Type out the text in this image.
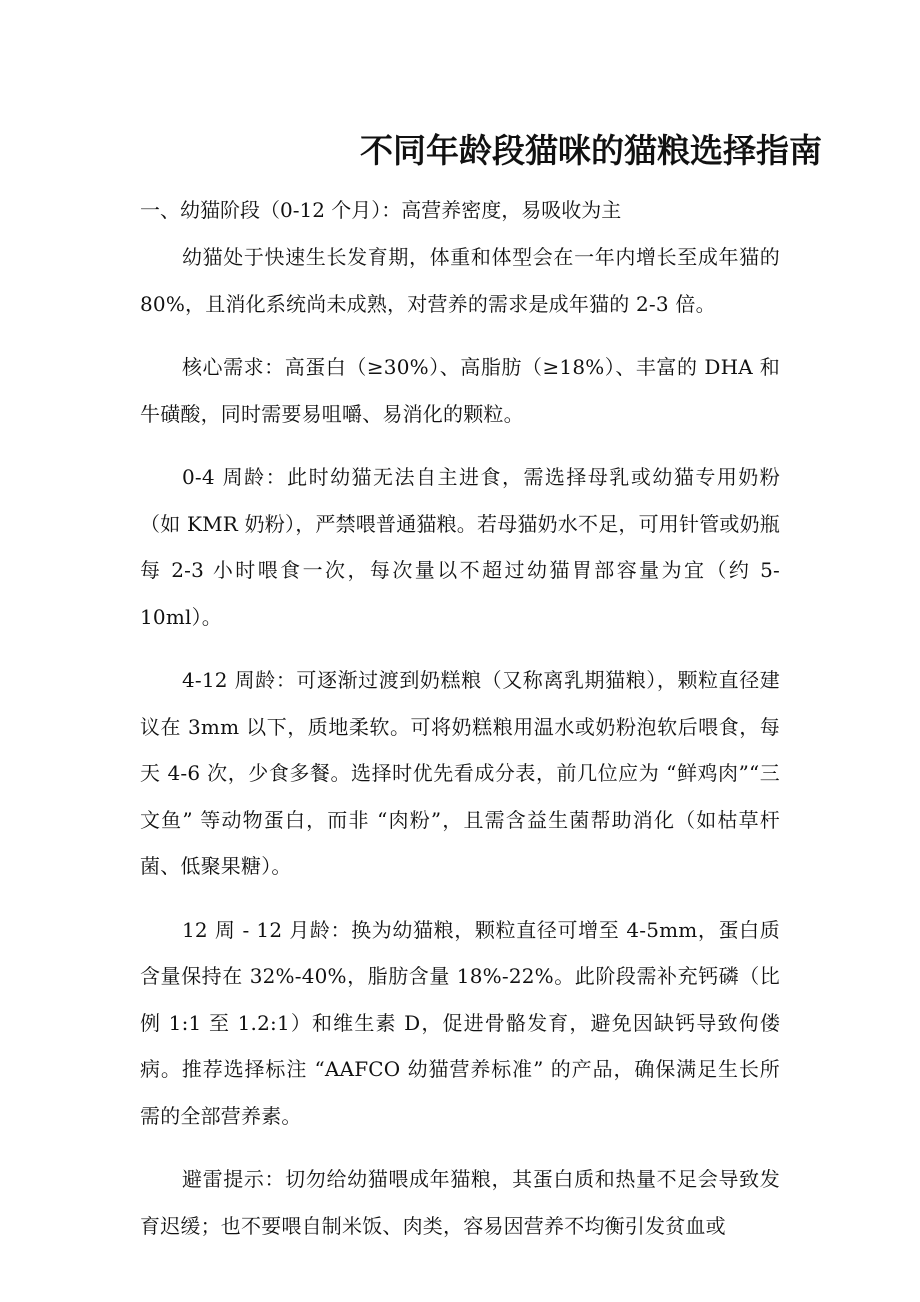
不同年龄段猫咪的猫粮选择指南

一、幼猫阶段（0-12 个月）：高营养密度，易吸收为主

幼猫处于快速生长发育期，体重和体型会在一年内增长至成年猫的 80%，且消化系统尚未成熟，对营养的需求是成年猫的 2-3 倍。

核心需求：高蛋白（≥30%）、高脂肪（≥18%）、丰富的 DHA 和牛磺酸，同时需要易咀嚼、易消化的颗粒。

0-4 周龄：此时幼猫无法自主进食，需选择母乳或幼猫专用奶粉（如 KMR 奶粉），严禁喂普通猫粮。若母猫奶水不足，可用针管或奶瓶每 2-3 小时喂食一次，每次量以不超过幼猫胃部容量为宜（约 5-10ml）。

4-12 周龄：可逐渐过渡到奶糕粮（又称离乳期猫粮），颗粒直径建议在 3mm 以下，质地柔软。可将奶糕粮用温水或奶粉泡软后喂食，每天 4-6 次，少食多餐。选择时优先看成分表，前几位应为 “鲜鸡肉”“三文鱼” 等动物蛋白，而非 “肉粉”，且需含益生菌帮助消化（如枯草杆菌、低聚果糖）。

12 周 - 12 月龄：换为幼猫粮，颗粒直径可增至 4-5mm，蛋白质含量保持在 32%-40%，脂肪含量 18%-22%。此阶段需补充钙磷（比例 1:1 至 1.2:1）和维生素 D，促进骨骼发育，避免因缺钙导致佝偻病。推荐选择标注 “AAFCO 幼猫营养标准” 的产品，确保满足生长所需的全部营养素。

避雷提示：切勿给幼猫喂成年猫粮，其蛋白质和热量不足会导致发育迟缓；也不要喂自制米饭、肉类，容易因营养不均衡引发贫血或
